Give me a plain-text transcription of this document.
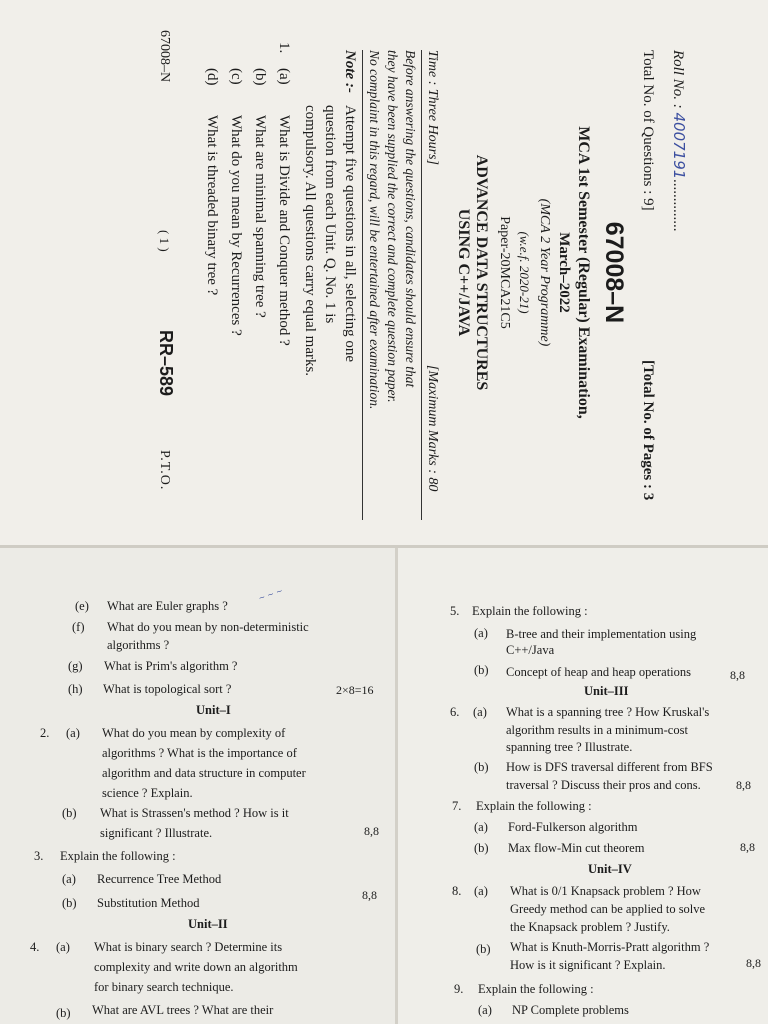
Roll No. : 4007191..............
Total No. of Questions : 9]
[Total No. of Pages : 3
67008–N
MCA 1st Semester (Regular) Examination,
March–2022
(MCA 2 Year Programme)
(w.e.f. 2020-21)
Paper-20MCA21C5
ADVANCE DATA STRUCTURES
USING C++/JAVA
Time : Three Hours]
[Maximum Marks : 80
Before answering the questions, candidates should ensure that
they have been supplied the correct and complete question paper.
No complaint in this regard, will be entertained after examination.
Note :-
Attempt five questions in all, selecting one
question from each Unit. Q. No. 1 is
compulsory. All questions carry equal marks.
1.
(a)
What is Divide and Conquer method ?
(b)
What are minimal spanning tree ?
(c)
What do you mean by Recurrences ?
(d)
What is threaded binary tree ?
67008–N
( 1 )
RR–589
P.T.O.
(e) What are Euler graphs ?
~ ~ ~
(f) What do you mean by non-deterministic
algorithms ?
(g) What is Prim's algorithm ?
(h) What is topological sort ?	2×8=16
Unit–I
2. (a) What do you mean by complexity of
algorithms ? What is the importance of
algorithm and data structure in computer
science ? Explain.
(b) What is Strassen's method ? How is it
significant ? Illustrate.	8,8
3. Explain the following :
(a) Recurrence Tree Method
(b) Substitution Method
8,8
Unit–II
4. (a) What is binary search ? Determine its
complexity and write down an algorithm
for binary search technique.
(b) What are AVL trees ? What are their
5. Explain the following :
(a) B-tree and their implementation using
C++/Java
(b) Concept of heap and heap operations	8,8
Unit–III
6. (a) What is a spanning tree ? How Kruskal's
algorithm results in a minimum-cost
spanning tree ? Illustrate.
(b) How is DFS traversal different from BFS
traversal ? Discuss their pros and cons.	8,8
7. Explain the following :
(a) Ford-Fulkerson algorithm
(b) Max flow-Min cut theorem	8,8
Unit–IV
8. (a) What is 0/1 Knapsack problem ? How
Greedy method can be applied to solve
the Knapsack problem ? Justify.
(b) What is Knuth-Morris-Pratt algorithm ?
How is it significant ? Explain.	8,8
9. Explain the following :
(a) NP Complete problems
